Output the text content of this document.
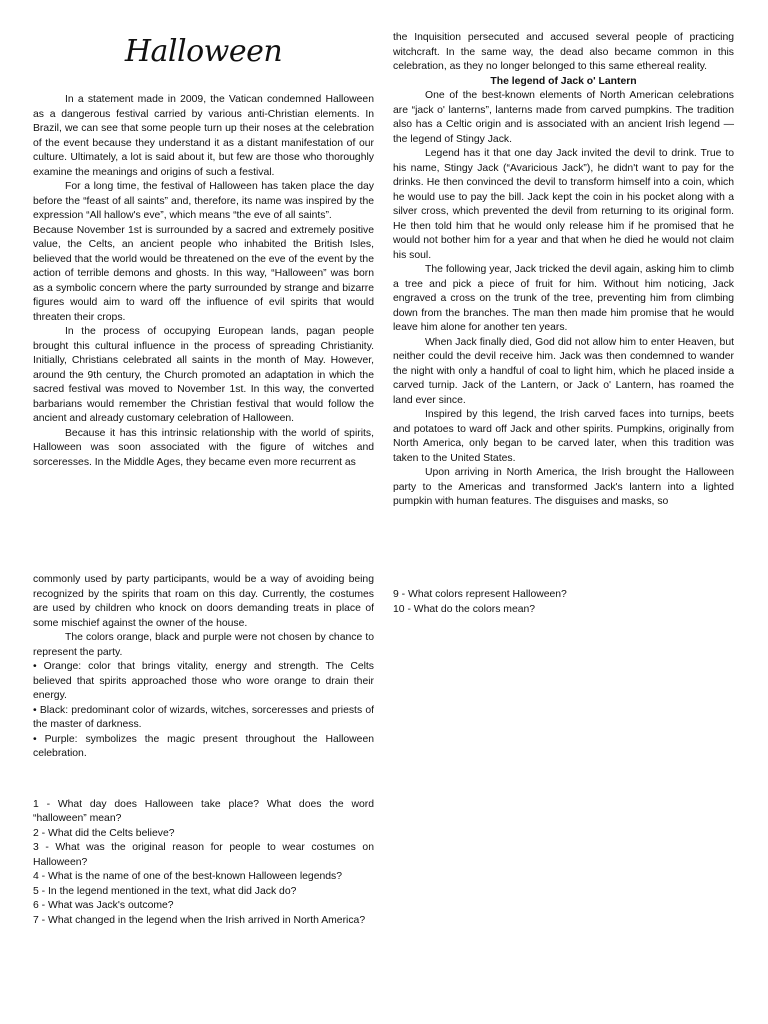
Halloween

In a statement made in 2009, the Vatican condemned Halloween as a dangerous festival carried by various anti-Christian elements. In Brazil, we can see that some people turn up their noses at the celebration of the event because they understand it as a distant manifestation of our culture. Ultimately, a lot is said about it, but few are those who thoroughly examine the meanings and origins of such a festival.

For a long time, the festival of Halloween has taken place the day before the “feast of all saints” and, therefore, its name was inspired by the expression “All hallow's eve”, which means “the eve of all saints”.

Because November 1st is surrounded by a sacred and extremely positive value, the Celts, an ancient people who inhabited the British Isles, believed that the world would be threatened on the eve of the event by the action of terrible demons and ghosts. In this way, “Halloween” was born as a symbolic concern where the party surrounded by strange and bizarre figures would aim to ward off the influence of evil spirits that would threaten their crops.

In the process of occupying European lands, pagan people brought this cultural influence in the process of spreading Christianity. Initially, Christians celebrated all saints in the month of May. However, around the 9th century, the Church promoted an adaptation in which the sacred festival was moved to November 1st. In this way, the converted barbarians would remember the Christian festival that would follow the ancient and already customary celebration of Halloween.

Because it has this intrinsic relationship with the world of spirits, Halloween was soon associated with the figure of witches and sorceresses. In the Middle Ages, they became even more recurrent as

the Inquisition persecuted and accused several people of practicing witchcraft. In the same way, the dead also became common in this celebration, as they no longer belonged to this same ethereal reality.

The legend of Jack o' Lantern

One of the best-known elements of North American celebrations are “jack o' lanterns”, lanterns made from carved pumpkins. The tradition also has a Celtic origin and is associated with an ancient Irish legend — the legend of Stingy Jack.

Legend has it that one day Jack invited the devil to drink. True to his name, Stingy Jack (“Avaricious Jack”), he didn't want to pay for the drinks. He then convinced the devil to transform himself into a coin, which he would use to pay the bill. Jack kept the coin in his pocket along with a silver cross, which prevented the devil from returning to its original form. He then told him that he would only release him if he promised that he would not bother him for a year and that when he died he would not claim his soul.

The following year, Jack tricked the devil again, asking him to climb a tree and pick a piece of fruit for him. Without him noticing, Jack engraved a cross on the trunk of the tree, preventing him from climbing down from the branches. The man then made him promise that he would leave him alone for another ten years.

When Jack finally died, God did not allow him to enter Heaven, but neither could the devil receive him. Jack was then condemned to wander the night with only a handful of coal to light him, which he placed inside a carved turnip. Jack of the Lantern, or Jack o' Lantern, has roamed the land ever since.

Inspired by this legend, the Irish carved faces into turnips, beets and potatoes to ward off Jack and other spirits. Pumpkins, originally from North America, only began to be carved later, when this tradition was taken to the United States.

Upon arriving in North America, the Irish brought the Halloween party to the Americas and transformed Jack's lantern into a lighted pumpkin with human features. The disguises and masks, so

commonly used by party participants, would be a way of avoiding being recognized by the spirits that roam on this day. Currently, the costumes are used by children who knock on doors demanding treats in place of some mischief against the owner of the house.

The colors orange, black and purple were not chosen by chance to represent the party.

• Orange: color that brings vitality, energy and strength. The Celts believed that spirits approached those who wore orange to drain their energy.

• Black: predominant color of wizards, witches, sorceresses and priests of the master of darkness.

• Purple: symbolizes the magic present throughout the Halloween celebration.

1 - What day does Halloween take place? What does the word “halloween” mean?

2 - What did the Celts believe?

3 - What was the original reason for people to wear costumes on Halloween?

4 - What is the name of one of the best-known Halloween legends?

5 - In the legend mentioned in the text, what did Jack do?

6 - What was Jack's outcome?

7 - What changed in the legend when the Irish arrived in North America?

9 - What colors represent Halloween?

10 - What do the colors mean?
